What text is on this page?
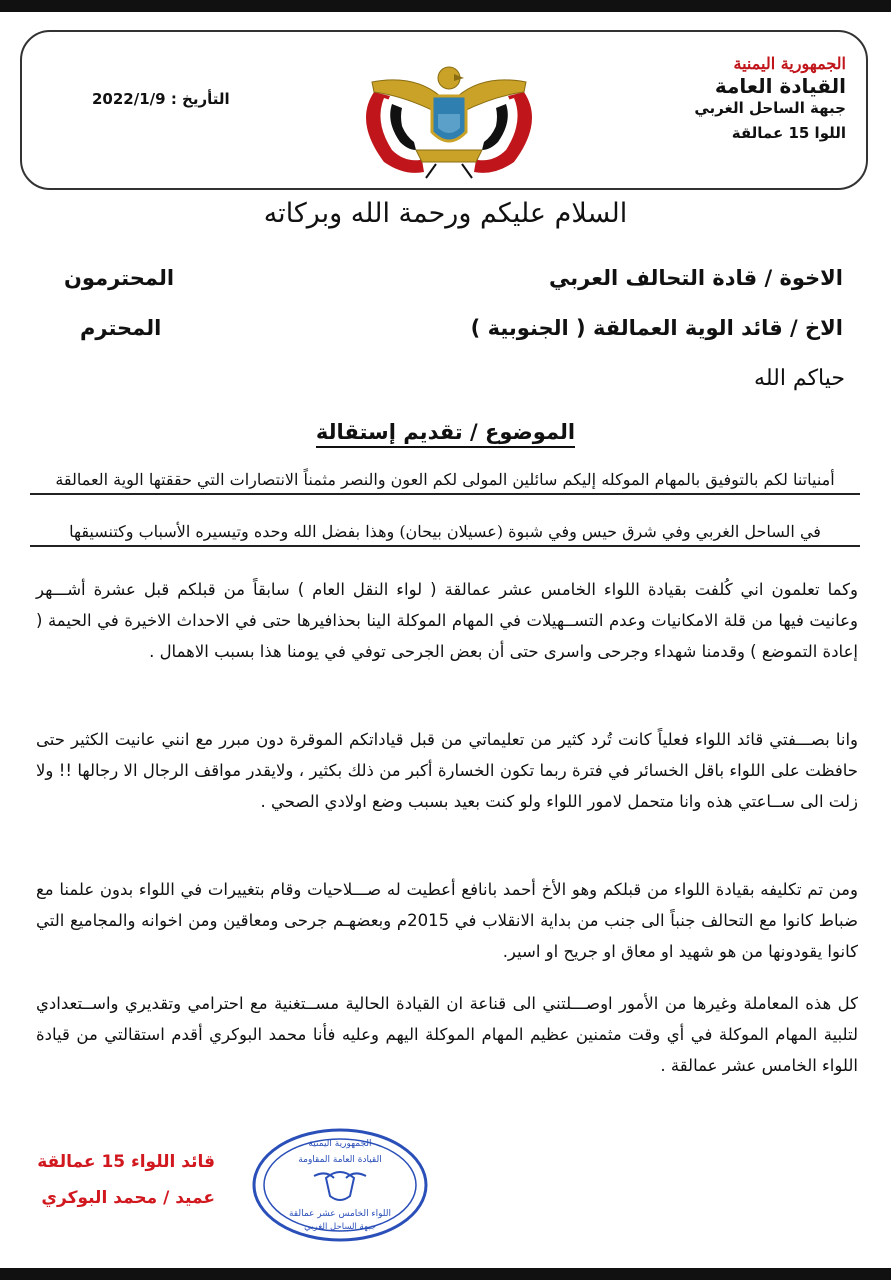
الجمهورية اليمنية
القيادة العامة
جبهة الساحل الغربي
اللوا 15 عمالقة
التأريخ : 2022/1/9
السلام عليكم ورحمة الله وبركاته
الاخوة / قادة التحالف العربي
المحترمون
الاخ / قائد الوية العمالقة ( الجنوبية )
المحترم
حياكم الله
الموضوع / تقديم إستقالة
أمنياتنا لكم بالتوفيق بالمهام الموكله إليكم سائلين المولى لكم العون والنصر مثمناً الانتصارات التي حققتها الوية العمالقة
في الساحل الغربي وفي شرق حيس وفي شبوة (عسيلان بيحان) وهذا بفضل الله وحده وتيسيره الأسباب وكتنسيقها

وكما تعلمون اني كُلفت بقيادة اللواء الخامس عشر عمالقة ( لواء النقل العام ) سابقاً من قبلكم قبل عشرة أشـــهر وعانيت فيها من قلة الامكانيات وعدم التســهيلات في المهام الموكلة الينا بحذافيرها حتى في الاحداث الاخيرة في الحيمة ( إعادة التموضع ) وقدمنا شهداء وجرحى واسرى حتى أن بعض الجرحى توفي في يومنا هذا بسبب الاهمال .

وانا بصـــفتي قائد اللواء فعلياً كانت تُرد كثير من تعليماتي من قبل قياداتكم الموقرة دون مبرر مع انني عانيت الكثير حتى حافظت على اللواء باقل الخسائر في فترة ربما تكون الخسارة أكبر من ذلك بكثير ، ولايقدر مواقف الرجال الا رجالها !! ولا زلت الى ســاعتي هذه وانا متحمل لامور اللواء ولو كنت بعيد بسبب وضع اولادي الصحي .

ومن تم تكليفه بقيادة اللواء من قبلكم وهو الأخ أحمد بانافع أعطيت له صـــلاحيات وقام بتغييرات في اللواء بدون علمنا مع ضباط كانوا مع التحالف جنباً الى جنب من بداية الانقلاب في 2015م وبعضهـم جرحى ومعاقين ومن اخوانه والمجاميع التي كانوا يقودونها من هو شهيد او معاق او جريح او اسير.

كل هذه المعاملة وغيرها من الأمور اوصـــلتني الى قناعة ان القيادة الحالية مســتغنية مع احترامي وتقديري واســتعدادي لتلبية المهام الموكلة في أي وقت مثمنين عظيم المهام الموكلة اليهم وعليه فأنا محمد البوكري أقدم استقالتي من قيادة اللواء الخامس عشر عمالقة .

قائد اللواء 15 عمالقة
عميد / محمد البوكري
الجمهورية اليمنية
القيادة العامة المقاومة
اللواء الخامس عشر عمالقة
جبهة الساحل الغربي
